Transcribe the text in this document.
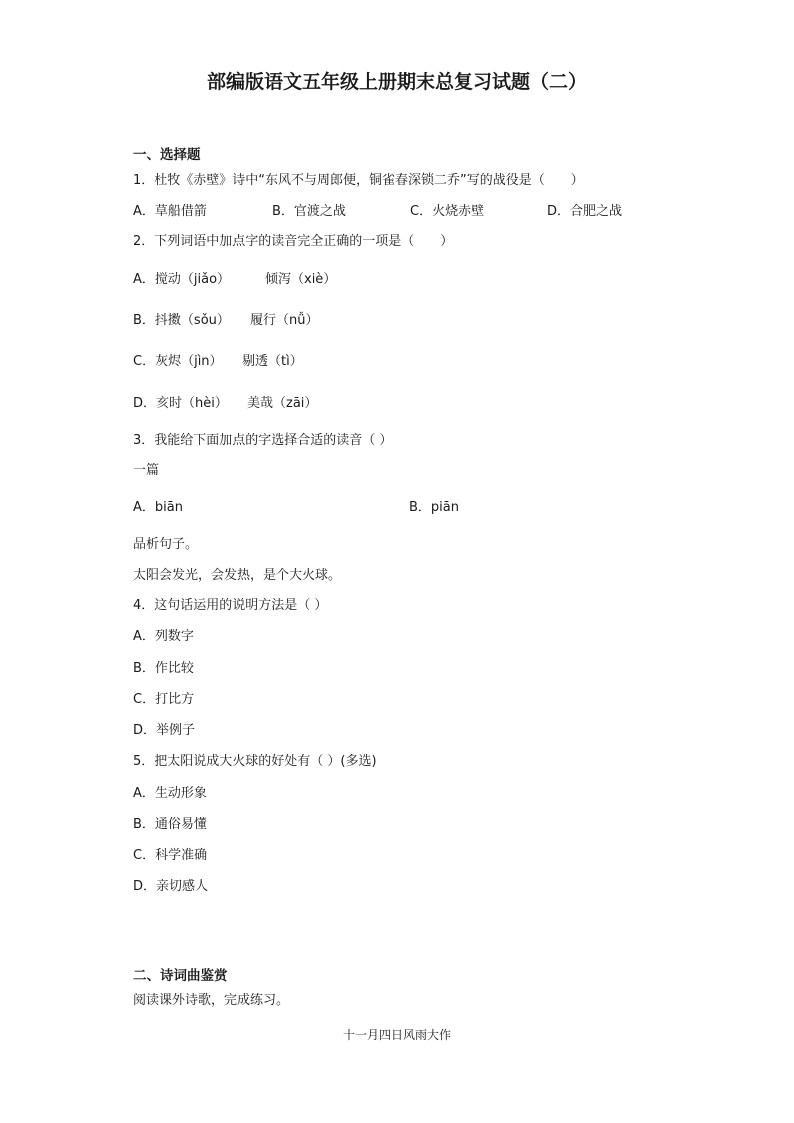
部编版语文五年级上册期末总复习试题（二）
一、选择题
1．杜牧《赤壁》诗中“东风不与周郎便，铜雀春深锁二乔”写的战役是（　　）
A．草船借箭	B．官渡之战	C．火烧赤壁	D．合肥之战
2．下列词语中加点字的读音完全正确的一项是（　　）
A．搅动（jiǎo）	倾泻（xiè）
B．抖擞（sǒu） 履行（nǚ）
C．灰烬（jìn） 剔透（tì）
D．亥时（hèi） 美哉（zāi）
3．我能给下面加点的字选择合适的读音（ ）
一篇
A．biān	B．piān
品析句子。
太阳会发光，会发热，是个大火球。
4．这句话运用的说明方法是（ ）
A．列数字
B．作比较
C．打比方
D．举例子
5．把太阳说成大火球的好处有（ ）(多选)
A．生动形象
B．通俗易懂
C．科学准确
D．亲切感人
二、诗词曲鉴赏
阅读课外诗歌，完成练习。
十一月四日风雨大作
